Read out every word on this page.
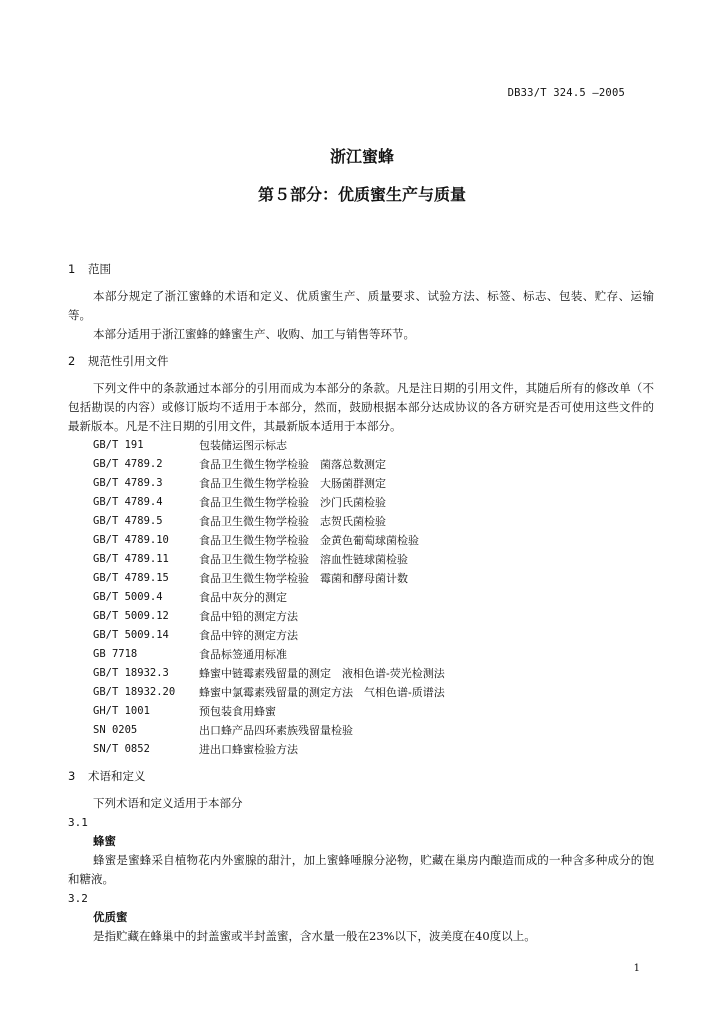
DB33/T 324.5 —2005
浙江蜜蜂
第５部分：优质蜜生产与质量

1 范围

本部分规定了浙江蜜蜂的术语和定义、优质蜜生产、质量要求、试验方法、标签、标志、包装、贮存、运输等。

本部分适用于浙江蜜蜂的蜂蜜生产、收购、加工与销售等环节。

2 规范性引用文件

下列文件中的条款通过本部分的引用而成为本部分的条款。凡是注日期的引用文件，其随后所有的修改单（不包括勘误的内容）或修订版均不适用于本部分，然而，鼓励根据本部分达成协议的各方研究是否可使用这些文件的最新版本。凡是不注日期的引用文件，其最新版本适用于本部分。

GB/T 191	包装储运图示标志
GB/T 4789.2	食品卫生微生物学检验　菌落总数测定
GB/T 4789.3	食品卫生微生物学检验　大肠菌群测定
GB/T 4789.4	食品卫生微生物学检验　沙门氏菌检验
GB/T 4789.5	食品卫生微生物学检验　志贺氏菌检验
GB/T 4789.10	食品卫生微生物学检验　金黄色葡萄球菌检验
GB/T 4789.11	食品卫生微生物学检验　溶血性链球菌检验
GB/T 4789.15	食品卫生微生物学检验　霉菌和酵母菌计数
GB/T 5009.4	食品中灰分的测定
GB/T 5009.12	食品中铅的测定方法
GB/T 5009.14	食品中锌的测定方法
GB 7718	食品标签通用标准
GB/T 18932.3	蜂蜜中链霉素残留量的测定　液相色谱-荧光检测法
GB/T 18932.20	蜂蜜中氯霉素残留量的测定方法　气相色谱-质谱法
GH/T 1001	预包装食用蜂蜜
SN 0205	出口蜂产品四环素族残留量检验
SN/T 0852	进出口蜂蜜检验方法

3 术语和定义

下列术语和定义适用于本部分

3.1

蜂蜜

蜂蜜是蜜蜂采自植物花内外蜜腺的甜汁，加上蜜蜂唾腺分泌物，贮藏在巢房内酿造而成的一种含多种成分的饱和糖液。

3.2

优质蜜

是指贮藏在蜂巢中的封盖蜜或半封盖蜜，含水量一般在23%以下，波美度在40度以上。

1
